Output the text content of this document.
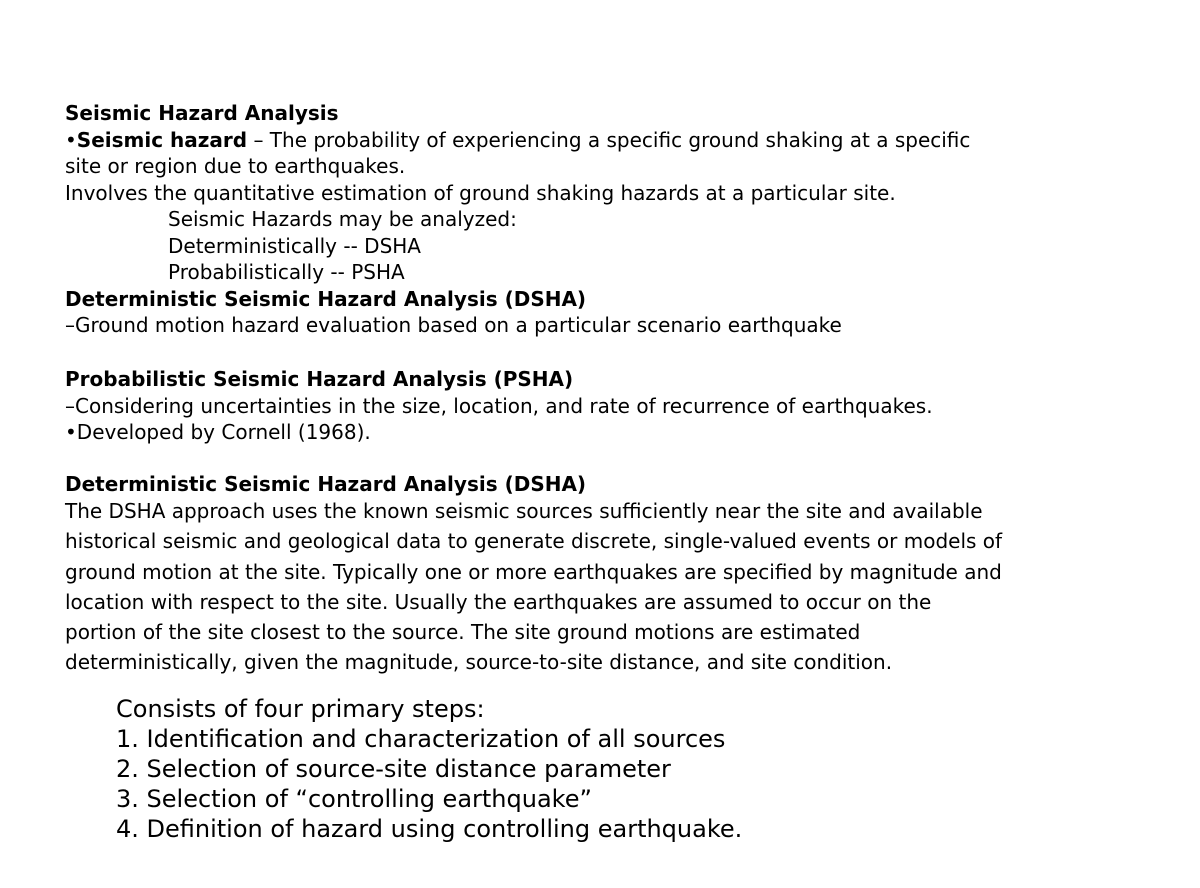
Seismic Hazard Analysis
•Seismic hazard – The probability of experiencing a specific ground shaking at a specific
site or region due to earthquakes.
Involves the quantitative estimation of ground shaking hazards at a particular site.
Seismic Hazards may be analyzed:
Deterministically -- DSHA
Probabilistically -- PSHA
Deterministic Seismic Hazard Analysis (DSHA)
–Ground motion hazard evaluation based on a particular scenario earthquake
Probabilistic Seismic Hazard Analysis (PSHA)
–Considering uncertainties in the size, location, and rate of recurrence of earthquakes.
•Developed by Cornell (1968).
Deterministic Seismic Hazard Analysis (DSHA)
The DSHA approach uses the known seismic sources sufficiently near the site and available
historical seismic and geological data to generate discrete, single-valued events or models of
ground motion at the site. Typically one or more earthquakes are specified by magnitude and
location with respect to the site. Usually the earthquakes are assumed to occur on the
portion of the site closest to the source. The site ground motions are estimated
deterministically, given the magnitude, source-to-site distance, and site condition.
Consists of four primary steps:
1. Identification and characterization of all sources
2. Selection of source-site distance parameter
3. Selection of “controlling earthquake”
4. Definition of hazard using controlling earthquake.
